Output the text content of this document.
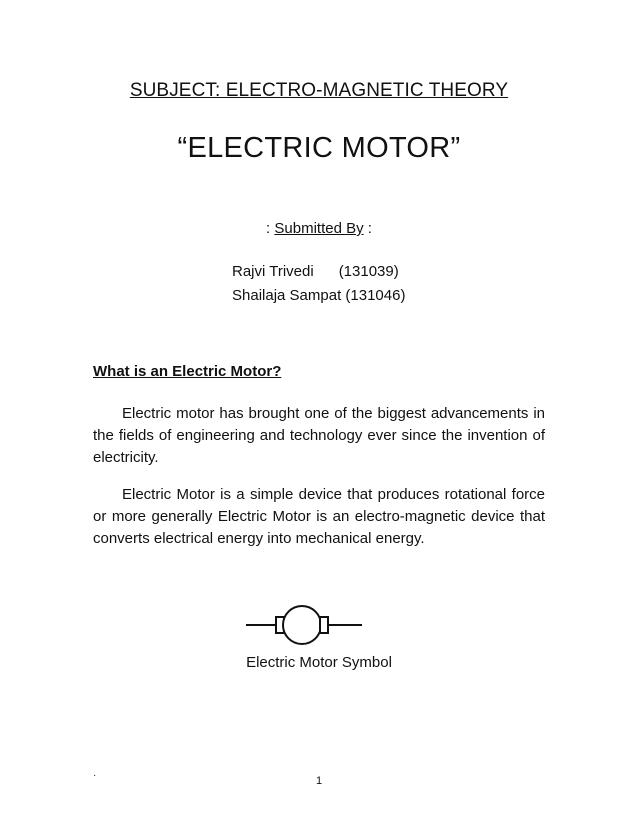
SUBJECT: ELECTRO-MAGNETIC THEORY
“ELECTRIC MOTOR”
: Submitted By :
Rajvi Trivedi      (131039)
Shailaja Sampat (131046)
What is an Electric Motor?
Electric motor has brought one of the biggest advancements in the fields of engineering and technology ever since the invention of electricity.
Electric Motor is a simple device that produces rotational force or more generally Electric Motor is an electro-magnetic device that converts electrical energy into mechanical energy.
Electric Motor Symbol
·	1
